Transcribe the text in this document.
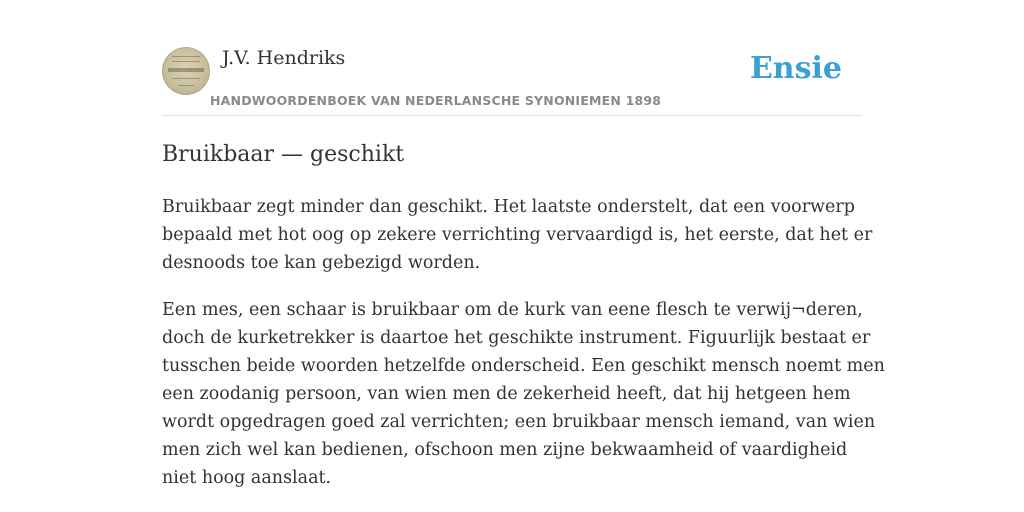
J.V. Hendriks
HANDWOORDENBOEK VAN NEDERLANSCHE SYNONIEMEN 1898
Ensie
Bruikbaar — geschikt

Bruikbaar zegt minder dan geschikt. Het laatste onderstelt, dat een voorwerp
bepaald met hot oog op zekere verrichting vervaardigd is, het eerste, dat het er
desnoods toe kan gebezigd worden.

Een mes, een schaar is bruikbaar om de kurk van eene flesch te verwij¬deren,
doch de kurketrekker is daartoe het geschikte instrument. Figuurlijk bestaat er
tusschen beide woorden hetzelfde onderscheid. Een geschikt mensch noemt men
een zoodanig persoon, van wien men de zekerheid heeft, dat hij hetgeen hem
wordt opgedragen goed zal verrichten; een bruikbaar mensch iemand, van wien
men zich wel kan bedienen, ofschoon men zijne bekwaamheid of vaardigheid
niet hoog aanslaat.
